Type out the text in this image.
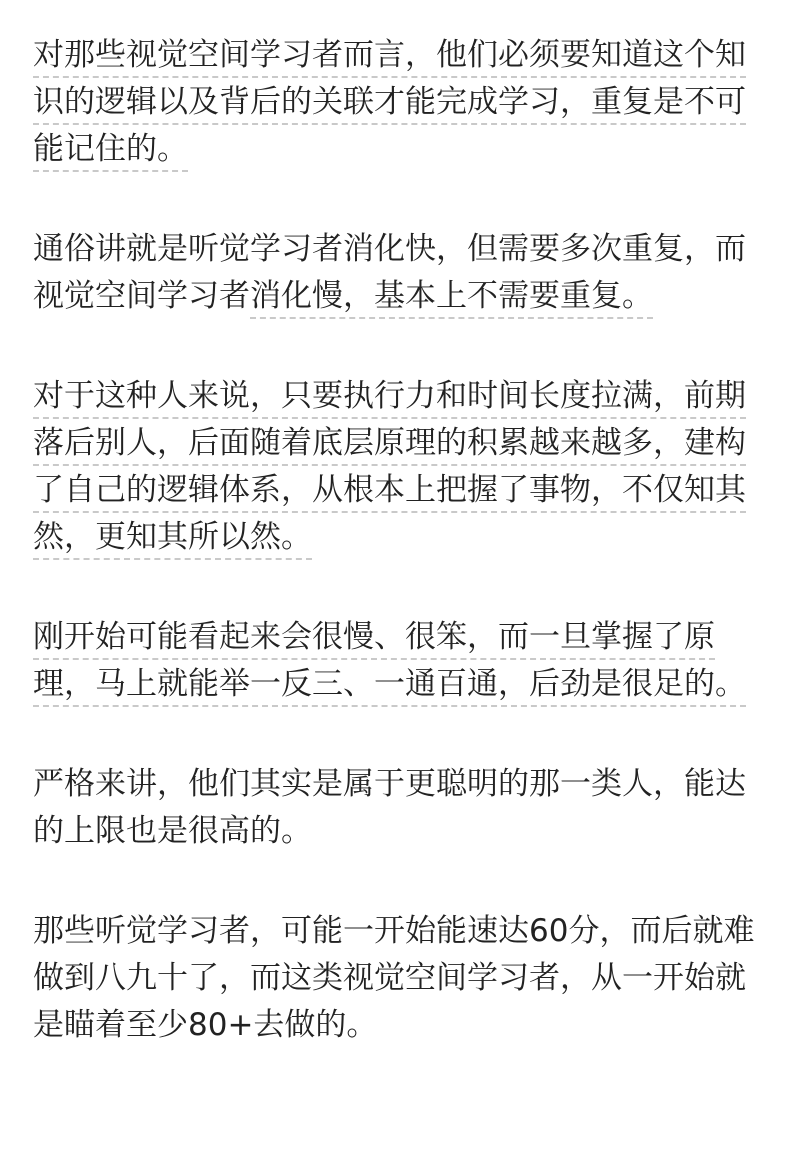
对那些视觉空间学习者而言，他们必须要知道这个知识的逻辑以及背后的关联才能完成学习，重复是不可能记住的。

通俗讲就是听觉学习者消化快，但需要多次重复，而视觉空间学习者消化慢，基本上不需要重复。

对于这种人来说，只要执行力和时间长度拉满，前期落后别人，后面随着底层原理的积累越来越多，建构了自己的逻辑体系，从根本上把握了事物，不仅知其然，更知其所以然。

刚开始可能看起来会很慢、很笨，而一旦掌握了原理，马上就能举一反三、一通百通，后劲是很足的。

严格来讲，他们其实是属于更聪明的那一类人，能达的上限也是很高的。

那些听觉学习者，可能一开始能速达60分，而后就难做到八九十了，而这类视觉空间学习者，从一开始就是瞄着至少80+去做的。
